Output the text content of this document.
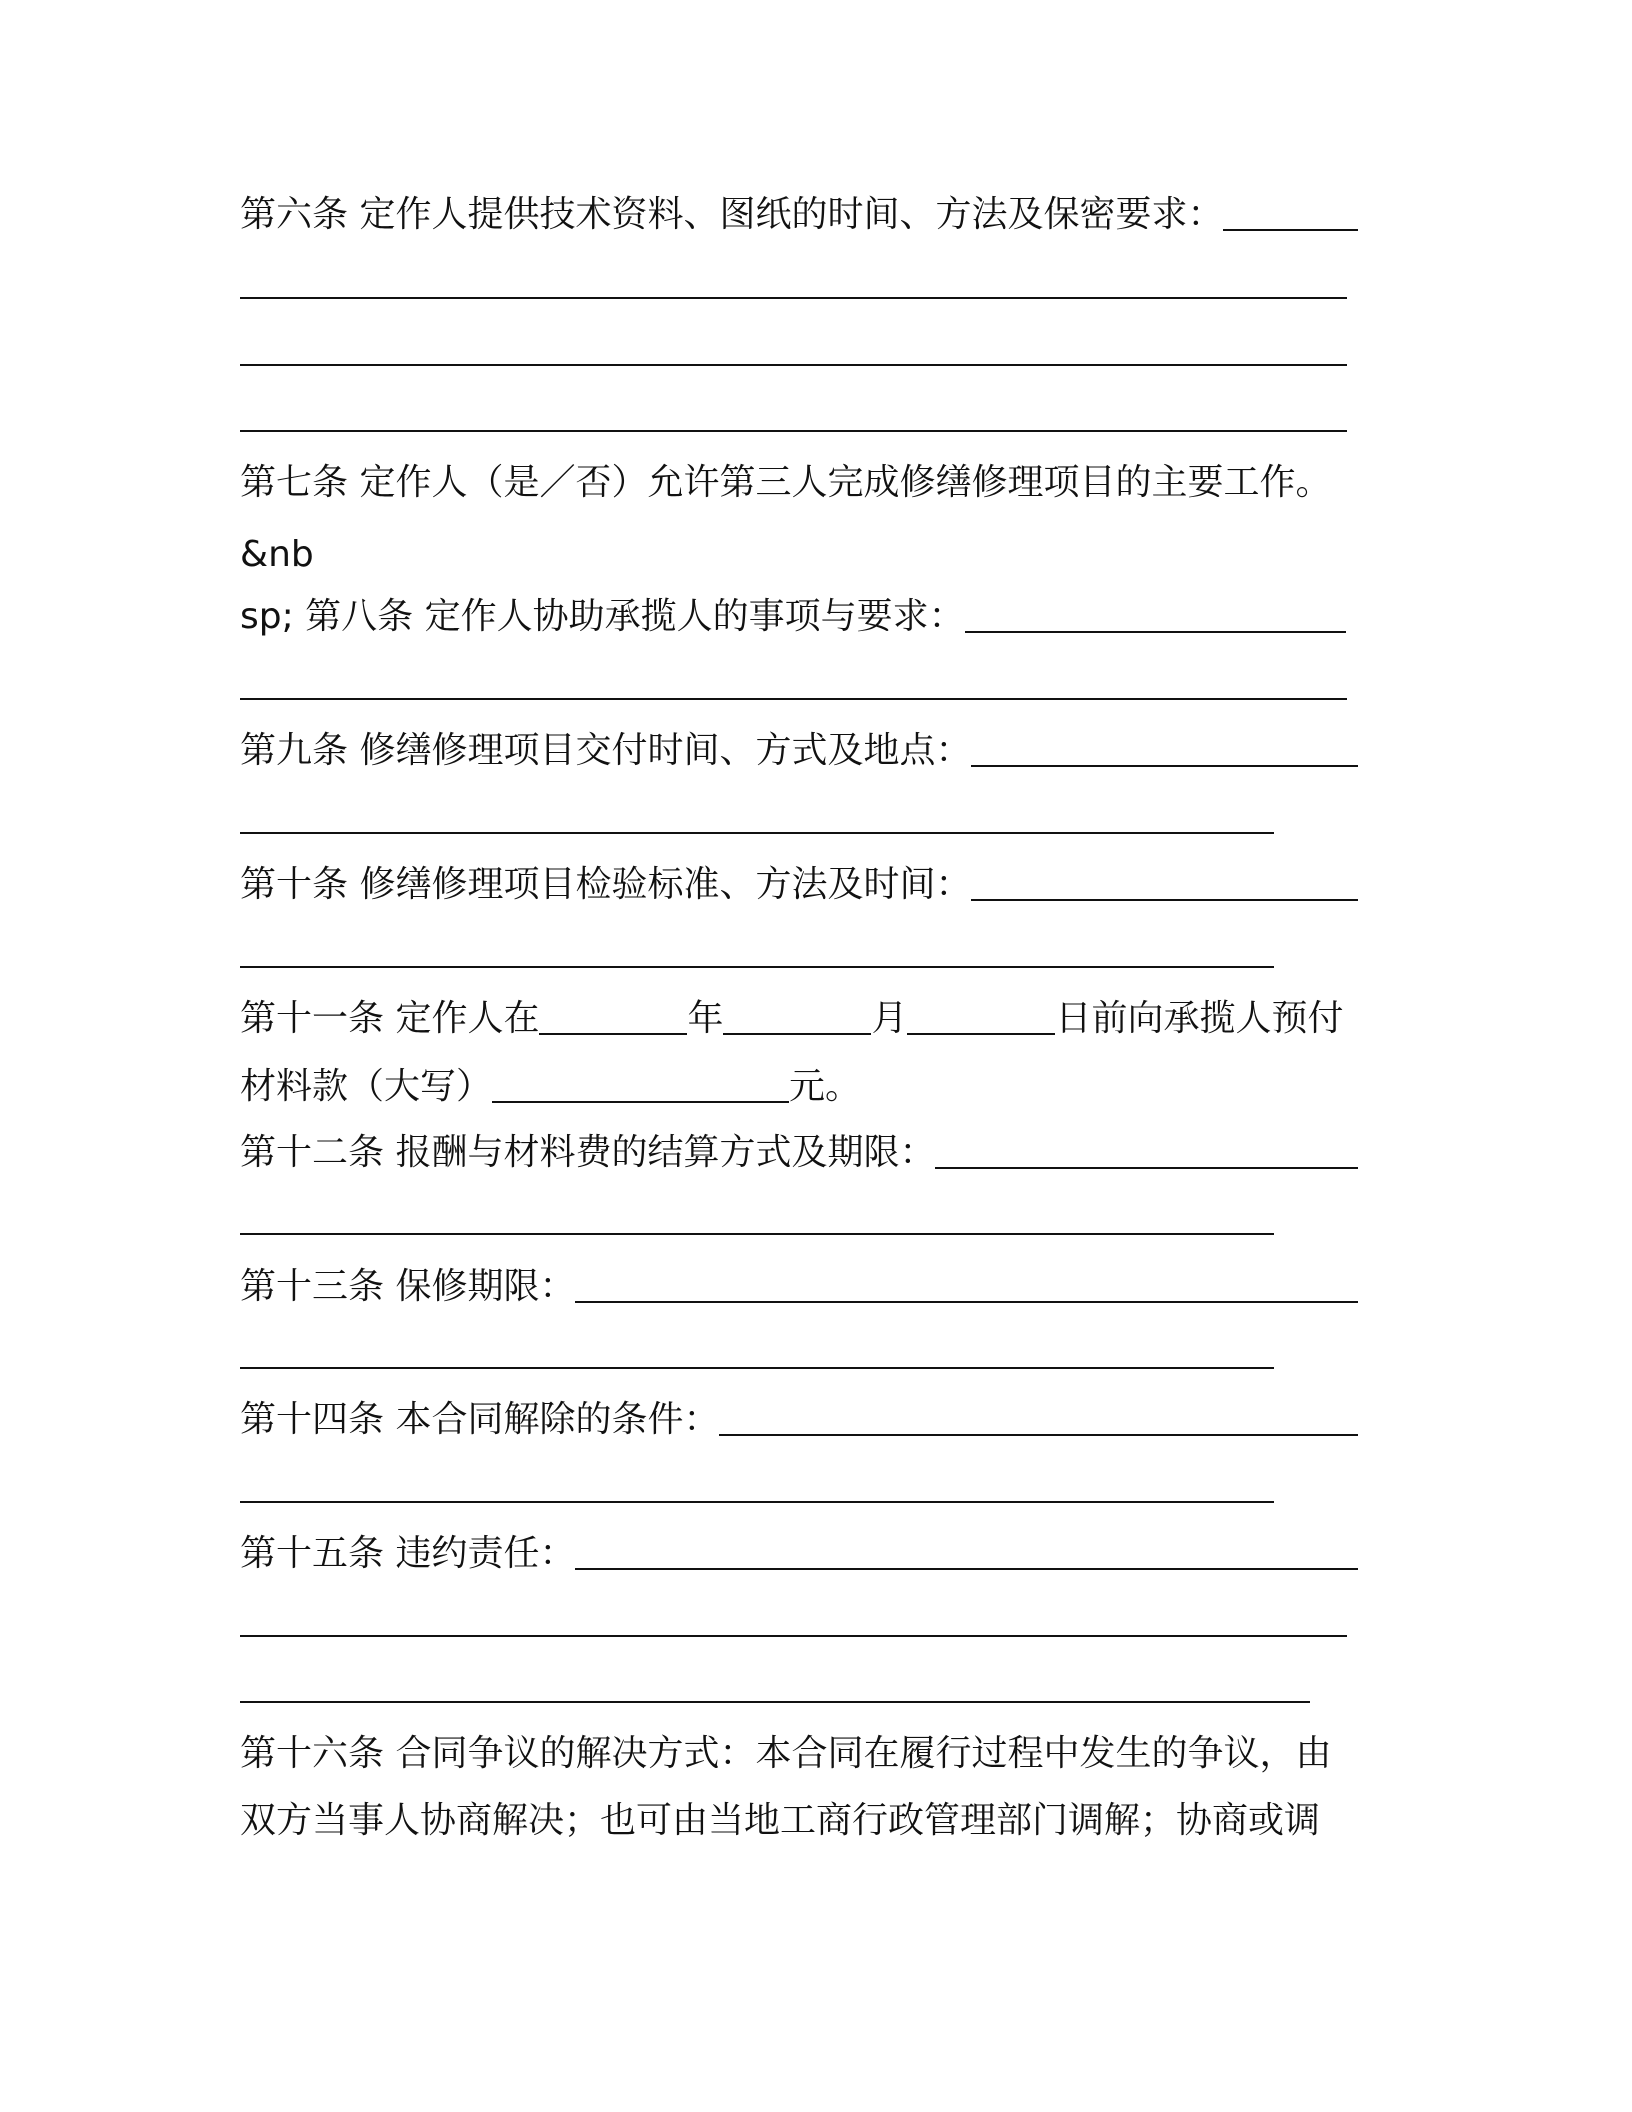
第六条 定作人提供技术资料、图纸的时间、方法及保密要求：
第七条 定作人（是／否）允许第三人完成修缮修理项目的主要工作。
&nb
sp; 第八条 定作人协助承揽人的事项与要求：
第九条 修缮修理项目交付时间、方式及地点：
第十条 修缮修理项目检验标准、方法及时间：
第十一条 定作人在	年	月	日前向承揽人预付
材料款（大写）	元。
第十二条 报酬与材料费的结算方式及期限：
第十三条 保修期限：
第十四条 本合同解除的条件：
第十五条 违约责任：
第十六条 合同争议的解决方式：本合同在履行过程中发生的争议，由
双方当事人协商解决；也可由当地工商行政管理部门调解；协商或调
